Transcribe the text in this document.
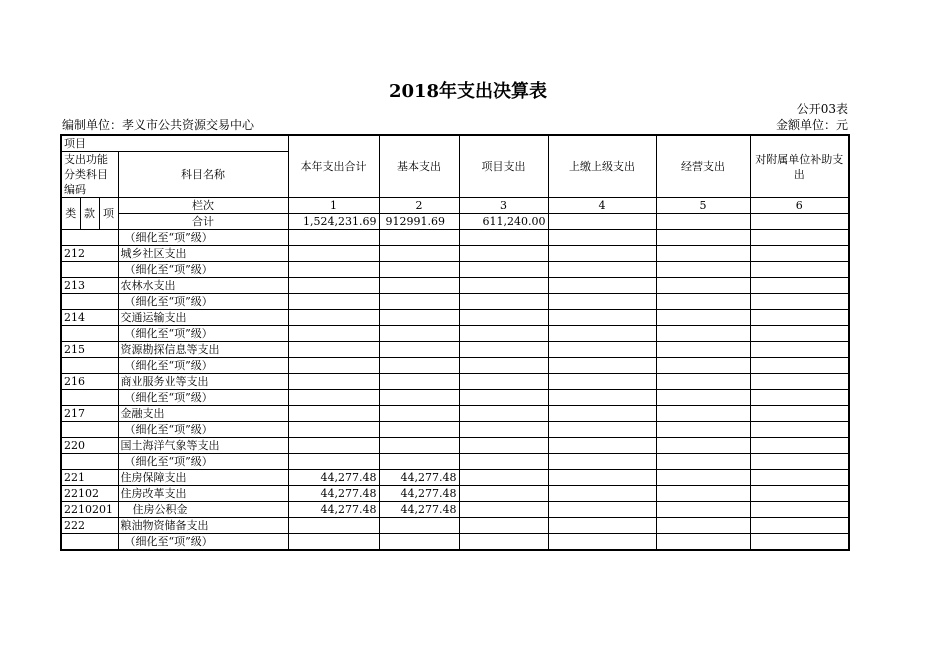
2018年支出决算表
公开03表
编制单位：孝义市公共资源交易中心	金额单位：元
项目				本年支出合计	基本支出	项目支出	上缴上级支出	经营支出	对附属单位补助支出
支出功能分类科目编码			科目名称						

类	款	项	栏次	1	2	3	4	5	6
			合计	1,524,231.69	912991.69	611,240.00			
			（细化至“项”级）						
212			城乡社区支出						
			（细化至“项”级）						
213			农林水支出						
			（细化至“项”级）						
214			交通运输支出						
			（细化至“项”级）						
215			资源勘探信息等支出						
			（细化至“项”级）						
216			商业服务业等支出						
			（细化至“项”级）						
217			金融支出						
			（细化至“项”级）						
220			国土海洋气象等支出						
			（细化至“项”级）						
221			住房保障支出	44,277.48	44,277.48				
22102			住房改革支出	44,277.48	44,277.48				
2210201			住房公积金	44,277.48	44,277.48				
222			粮油物资储备支出						
			（细化至“项”级）						
